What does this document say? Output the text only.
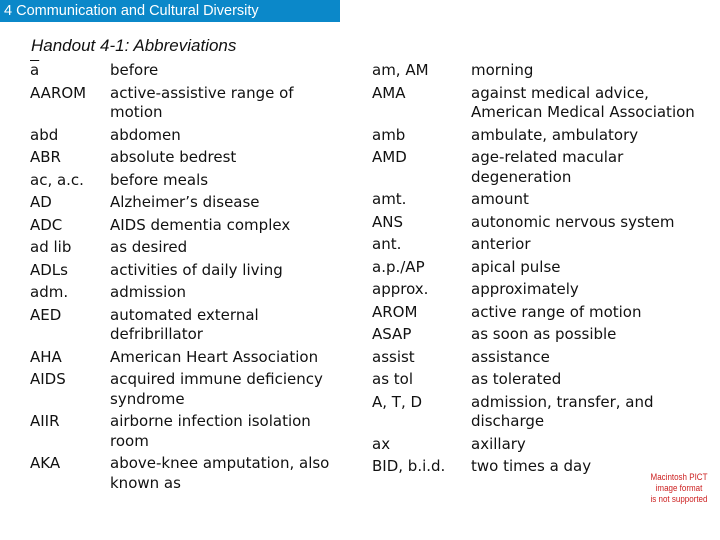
4 Communication and Cultural Diversity
Handout 4-1: Abbreviations
$\overline{a}$	before
AAROM	active-assistive range of motion
abd	abdomen
ABR	absolute bedrest
ac, a.c.	before meals
AD	Alzheimer’s disease
ADC	AIDS dementia complex
ad lib	as desired
ADLs	activities of daily living
adm.	admission
AED	automated external defribrillator
AHA	American Heart Association
AIDS	acquired immune deficiency syndrome
AIIR	airborne infection isolation room
AKA	above-knee amputation, also known as
am, AM	morning
AMA	against medical advice, American Medical Association
amb	ambulate, ambulatory
AMD	age-related macular degeneration
amt.	amount
ANS	autonomic nervous system
ant.	anterior
a.p./AP	apical pulse
approx.	approximately
AROM	active range of motion
ASAP	as soon as possible
assist	assistance
as tol	as tolerated
A, T, D	admission, transfer, and discharge
ax	axillary
BID, b.i.d.	two times a day
Macintosh PICT
image format
is not supported
